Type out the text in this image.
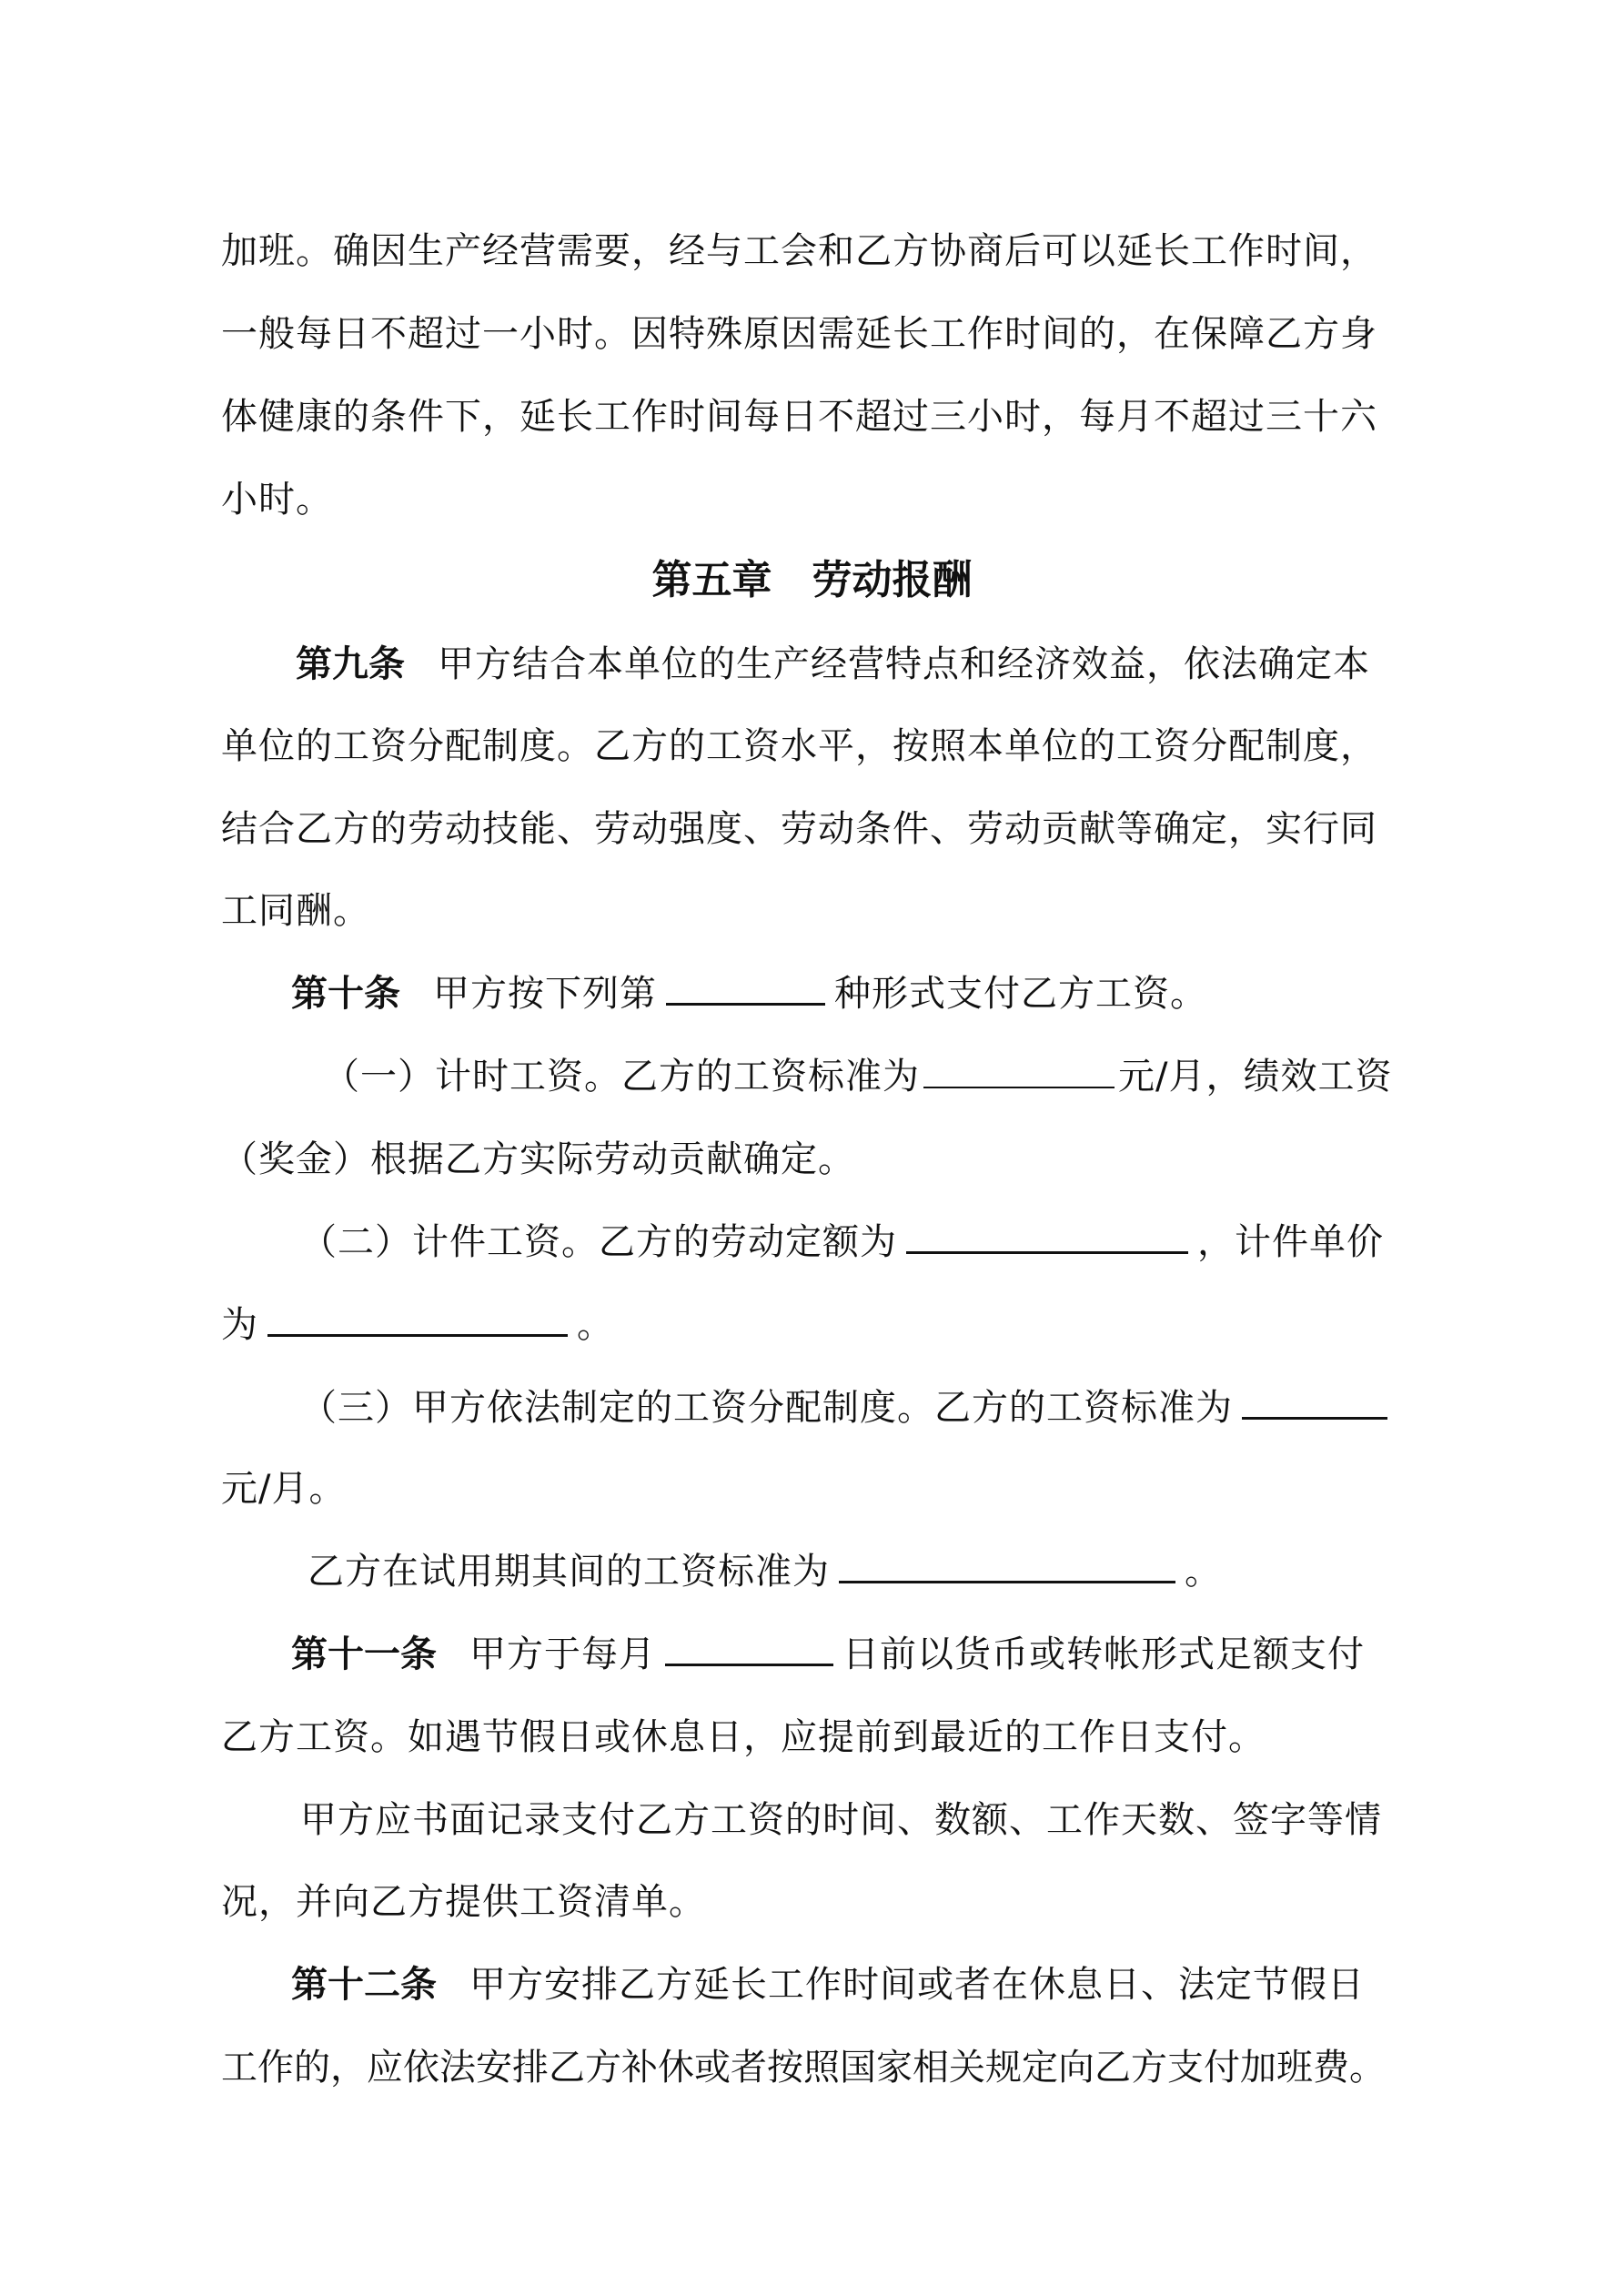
加班。确因生产经营需要，经与工会和乙方协商后可以延长工作时间，
一般每日不超过一小时。因特殊原因需延长工作时间的，在保障乙方身
体健康的条件下，延长工作时间每日不超过三小时，每月不超过三十六
小时。
第五章　劳动报酬
第九条 甲方结合本单位的生产经营特点和经济效益，依法确定本
单位的工资分配制度。乙方的工资水平，按照本单位的工资分配制度，
结合乙方的劳动技能、劳动强度、劳动条件、劳动贡献等确定，实行同
工同酬。
第十条 甲方按下列第	种形式支付乙方工资。
（一）计时工资。乙方的工资标准为	元/月，绩效工资
（奖金）根据乙方实际劳动贡献确定。
（二）计件工资。乙方的劳动定额为	，计件单价
为	。
（三）甲方依法制定的工资分配制度。乙方的工资标准为
元/月。
乙方在试用期其间的工资标准为	。
第十一条 甲方于每月	日前以货币或转帐形式足额支付
乙方工资。如遇节假日或休息日，应提前到最近的工作日支付。
甲方应书面记录支付乙方工资的时间、数额、工作天数、签字等情
况，并向乙方提供工资清单。
第十二条 甲方安排乙方延长工作时间或者在休息日、法定节假日
工作的，应依法安排乙方补休或者按照国家相关规定向乙方支付加班费。
